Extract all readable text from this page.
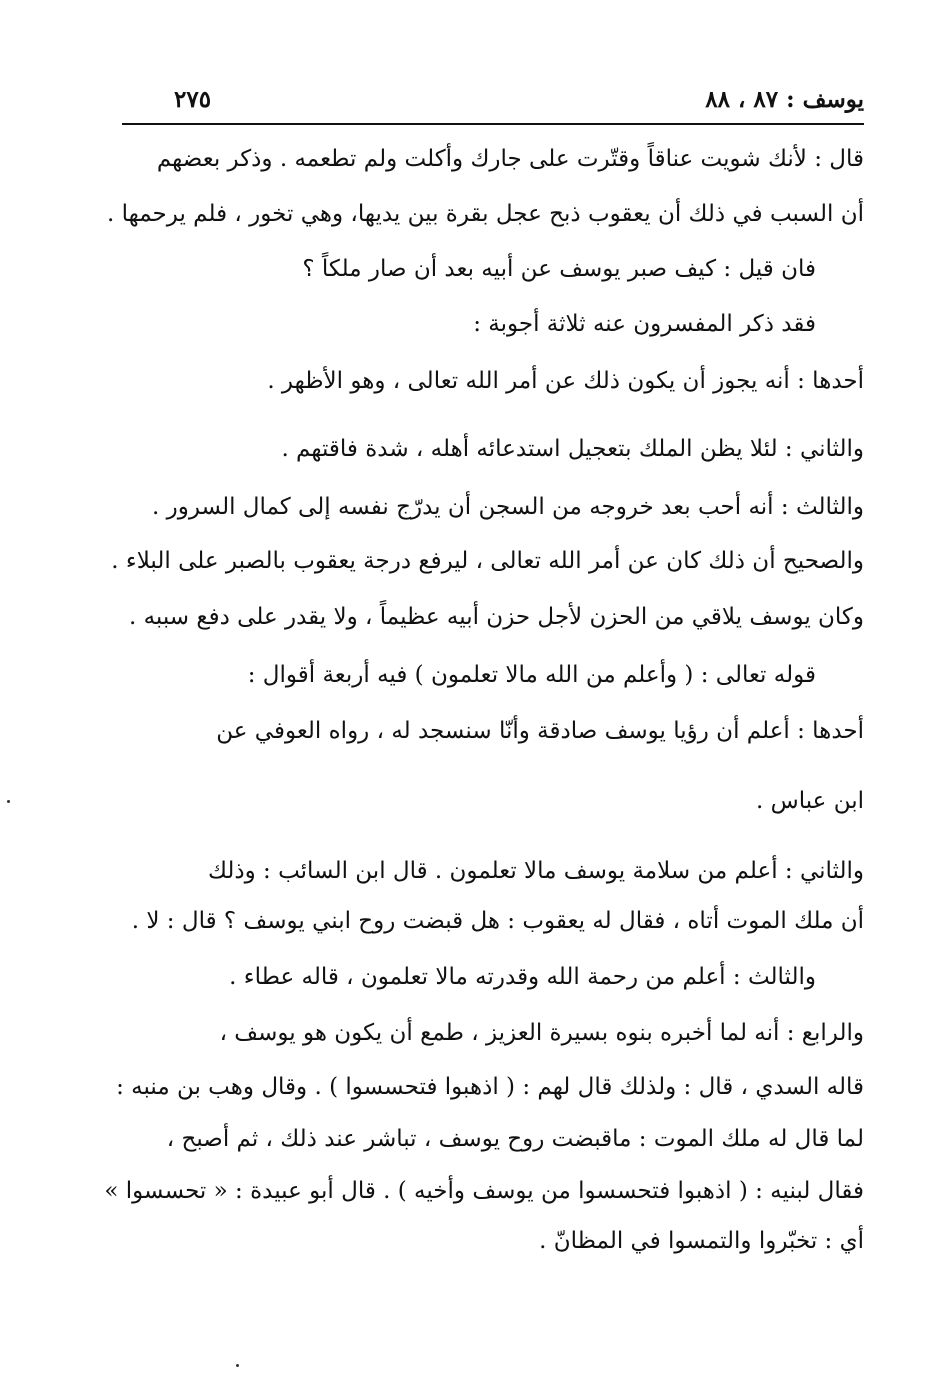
يوسف : ٨٧ ، ٨٨
٢٧٥
قال : لأنك شويت عناقاً وقتّرت على جارك وأكلت ولم تطعمه . وذكر بعضهم
أن السبب في ذلك أن يعقوب ذبح عجل بقرة بين يديها، وهي تخور ، فلم يرحمها .
فان قيل : كيف صبر يوسف عن أبيه بعد أن صار ملكاً ؟
فقد ذكر المفسرون عنه ثلاثة أجوبة :
أحدها : أنه يجوز أن يكون ذلك عن أمر الله تعالى ، وهو الأظهر .
والثاني : لئلا يظن الملك بتعجيل استدعائه أهله ، شدة فاقتهم .
والثالث : أنه أحب بعد خروجه من السجن أن يدرّج نفسه إلى كمال السرور .
والصحيح أن ذلك كان عن أمر الله تعالى ، ليرفع درجة يعقوب بالصبر على البلاء .
وكان يوسف يلاقي من الحزن لأجل حزن أبيه عظيماً ، ولا يقدر على دفع سببه .
قوله تعالى : ( وأعلم من الله مالا تعلمون ) فيه أربعة أقوال :
أحدها : أعلم أن رؤيا يوسف صادقة وأنّا سنسجد له ، رواه العوفي عن
ابن عباس .
والثاني : أعلم من سلامة يوسف مالا تعلمون . قال ابن السائب : وذلك
أن ملك الموت أتاه ، فقال له يعقوب : هل قبضت روح ابني يوسف ؟ قال : لا .
والثالث : أعلم من رحمة الله وقدرته مالا تعلمون ، قاله عطاء .
والرابع : أنه لما أخبره بنوه بسيرة العزيز ، طمع أن يكون هو يوسف ،
قاله السدي ، قال : ولذلك قال لهم : ( اذهبوا فتحسسوا ) . وقال وهب بن منبه :
لما قال له ملك الموت : ماقبضت روح يوسف ، تباشر عند ذلك ، ثم أصبح ،
فقال لبنيه : ( اذهبوا فتحسسوا من يوسف وأخيه ) . قال أبو عبيدة : « تحسسوا »
أي : تخبّروا والتمسوا في المظانّ .
